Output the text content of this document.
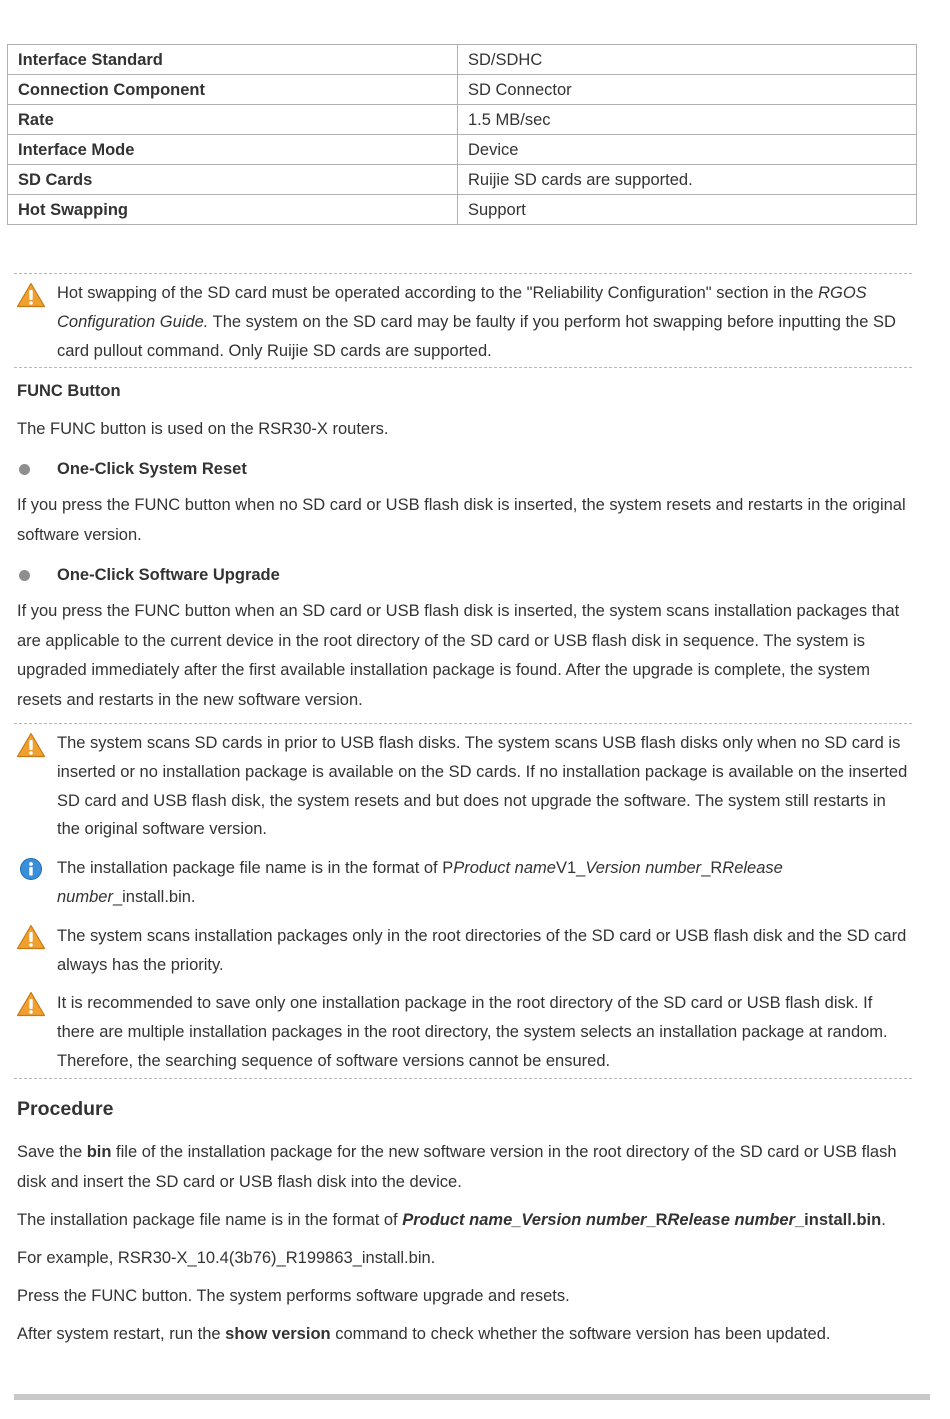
Interface Standard	SD/SDHC
Connection Component	SD Connector
Rate	1.5 MB/sec
Interface Mode	Device
SD Cards	Ruijie SD cards are supported.
Hot Swapping	Support
Hot swapping of the SD card must be operated according to the "Reliability Configuration" section in the RGOS Configuration Guide. The system on the SD card may be faulty if you perform hot swapping before inputting the SD card pullout command. Only Ruijie SD cards are supported.
FUNC Button
The FUNC button is used on the RSR30-X routers.
One-Click System Reset
If you press the FUNC button when no SD card or USB flash disk is inserted, the system resets and restarts in the original software version.
One-Click Software Upgrade
If you press the FUNC button when an SD card or USB flash disk is inserted, the system scans installation packages that are applicable to the current device in the root directory of the SD card or USB flash disk in sequence. The system is upgraded immediately after the first available installation package is found. After the upgrade is complete, the system resets and restarts in the new software version.
The system scans SD cards in prior to USB flash disks. The system scans USB flash disks only when no SD card is inserted or no installation package is available on the SD cards. If no installation package is available on the inserted SD card and USB flash disk, the system resets and but does not upgrade the software. The system still restarts in the original software version.
The installation package file name is in the format of PProduct nameV1_Version number_RRelease number_install.bin.
The system scans installation packages only in the root directories of the SD card or USB flash disk and the SD card always has the priority.
It is recommended to save only one installation package in the root directory of the SD card or USB flash disk. If there are multiple installation packages in the root directory, the system selects an installation package at random. Therefore, the searching sequence of software versions cannot be ensured.
Procedure
Save the bin file of the installation package for the new software version in the root directory of the SD card or USB flash disk and insert the SD card or USB flash disk into the device.
The installation package file name is in the format of Product name_Version number_RRelease number_install.bin.
For example, RSR30-X_10.4(3b76)_R199863_install.bin.
Press the FUNC button. The system performs software upgrade and resets.
After system restart, run the show version command to check whether the software version has been updated.
